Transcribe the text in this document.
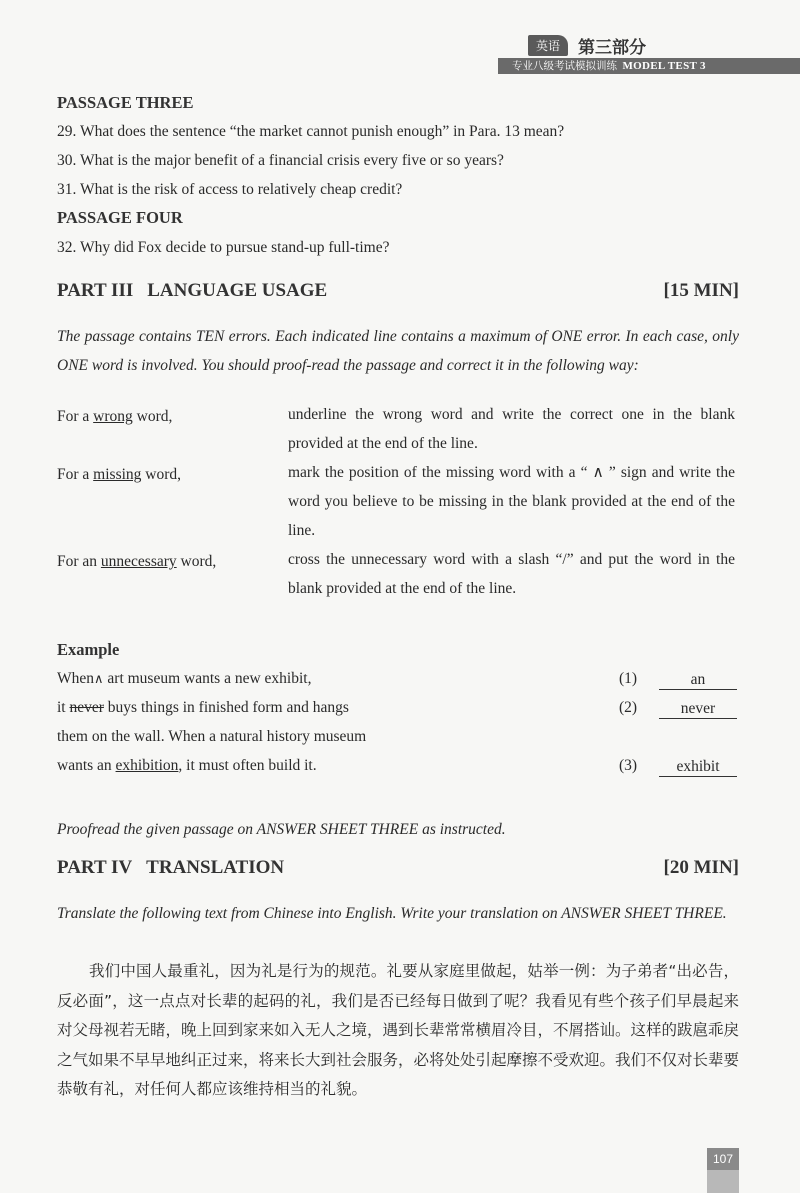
英语	第三部分
专业八级考试模拟训练 MODEL TEST 3
PASSAGE THREE
29. What does the sentence “the market cannot punish enough” in Para. 13 mean?
30. What is the major benefit of a financial crisis every five or so years?
31. What is the risk of access to relatively cheap credit?
PASSAGE FOUR
32. Why did Fox decide to pursue stand-up full-time?
PART III LANGUAGE USAGE	[15 MIN]
The passage contains TEN errors. Each indicated line contains a maximum of ONE error. In each case, only ONE word is involved. You should proof-read the passage and correct it in the following way:
For a wrong word,	underline the wrong word and write the correct one in the blank provided at the end of the line.
For a missing word,	mark the position of the missing word with a “ ∧ ” sign and write the word you believe to be missing in the blank provided at the end of the line.
For an unnecessary word,	cross the unnecessary word with a slash “/” and put the word in the blank provided at the end of the line.
Example
When∧ art museum wants a new exhibit,	(1)	an
it never buys things in finished form and hangs	(2)	never
them on the wall. When a natural history museum
wants an exhibition, it must often build it.	(3)	exhibit
Proofread the given passage on ANSWER SHEET THREE as instructed.
PART IV TRANSLATION	[20 MIN]
Translate the following text from Chinese into English. Write your translation on ANSWER SHEET THREE.
我们中国人最重礼，因为礼是行为的规范。礼要从家庭里做起，姑举一例：为子弟者“出必告，反必面”，这一点点对长辈的起码的礼，我们是否已经每日做到了呢？我看见有些个孩子们早晨起来对父母视若无睹，晚上回到家来如入无人之境，遇到长辈常常横眉冷目，不屑搭讪。这样的跋扈乖戾之气如果不早早地纠正过来，将来长大到社会服务，必将处处引起摩擦不受欢迎。我们不仅对长辈要恭敬有礼，对任何人都应该维持相当的礼貌。
107
